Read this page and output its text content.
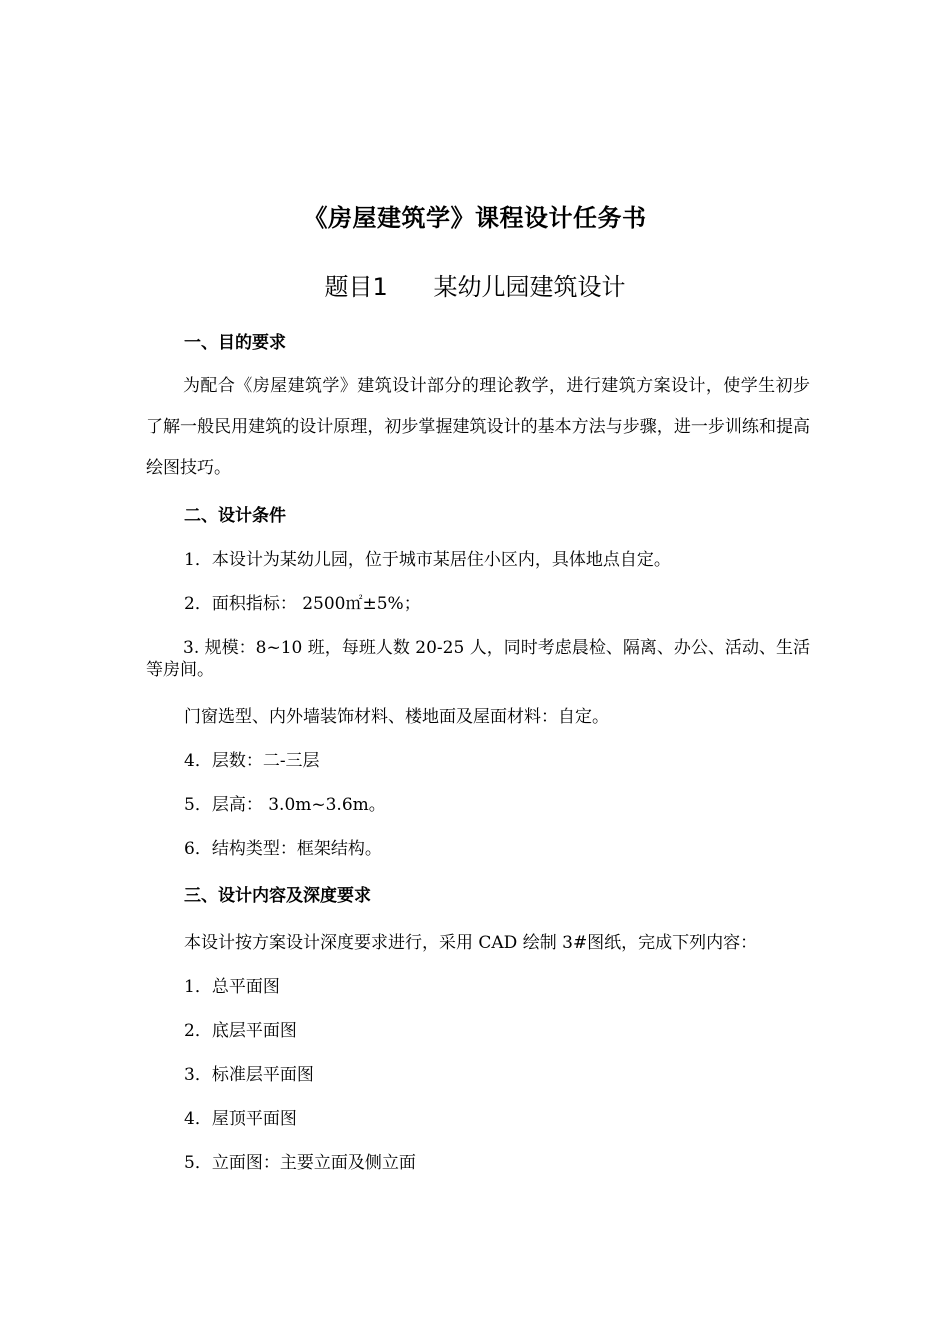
《房屋建筑学》课程设计任务书
题目1      某幼儿园建筑设计
一、目的要求
为配合《房屋建筑学》建筑设计部分的理论教学，进行建筑方案设计，使学生初步了解一般民用建筑的设计原理，初步掌握建筑设计的基本方法与步骤，进一步训练和提高绘图技巧。
二、设计条件
1．本设计为某幼儿园，位于城市某居住小区内，具体地点自定。
2．面积指标： 2500㎡±5%；
3. 规模：8~10 班，每班人数 20-25 人，同时考虑晨检、隔离、办公、活动、生活等房间。
门窗选型、内外墙装饰材料、楼地面及屋面材料：自定。
4．层数：二-三层
5．层高： 3.0m~3.6m。
6．结构类型：框架结构。
三、设计内容及深度要求
本设计按方案设计深度要求进行，采用 CAD 绘制 3#图纸，完成下列内容：
1．总平面图
2．底层平面图
3．标准层平面图
4．屋顶平面图
5．立面图：主要立面及侧立面
